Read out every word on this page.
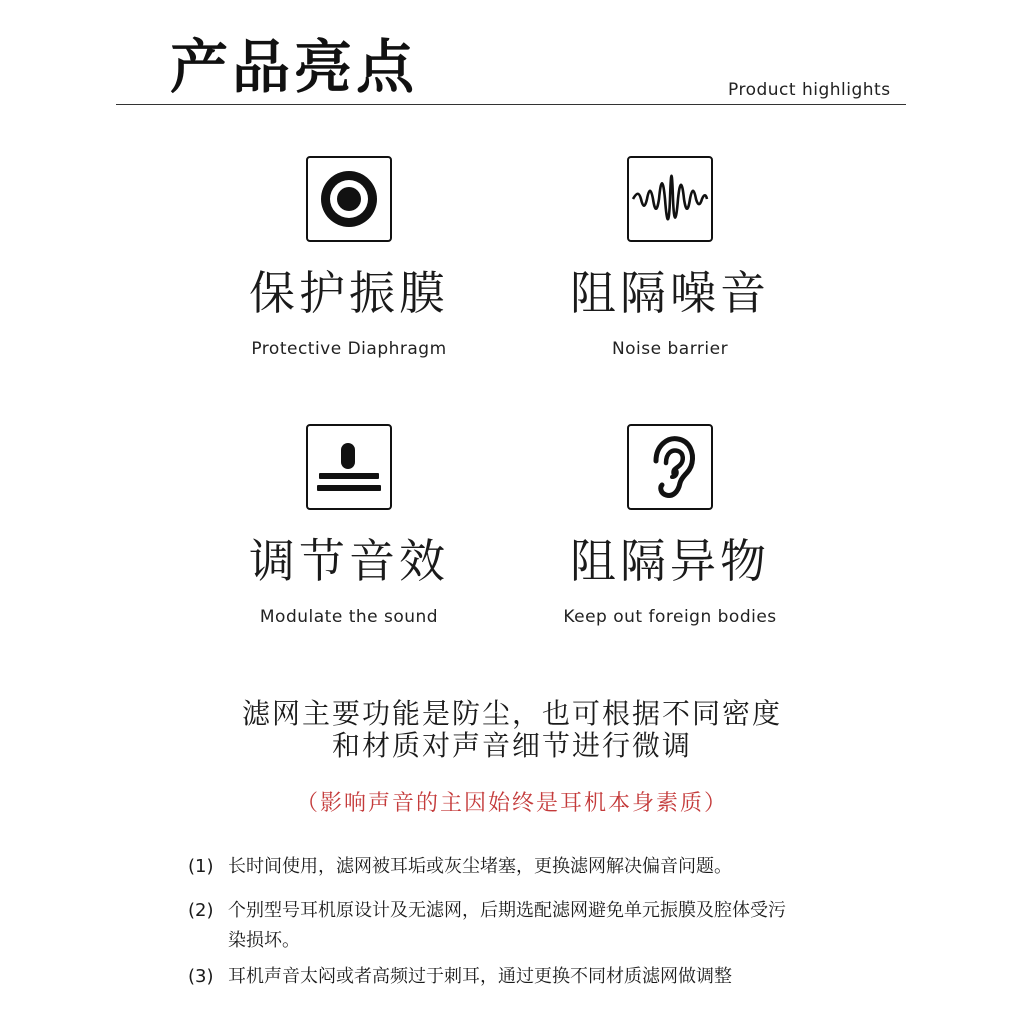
产品亮点	Product highlights
保护振膜
Protective Diaphragm
阻隔噪音
Noise barrier
调节音效
Modulate the sound
阻隔异物
Keep out foreign bodies
滤网主要功能是防尘，也可根据不同密度
和材质对声音细节进行微调
（影响声音的主因始终是耳机本身素质）
(1) 长时间使用，滤网被耳垢或灰尘堵塞，更换滤网解决偏音问题。
(2) 个别型号耳机原设计及无滤网，后期选配滤网避免单元振膜及腔体受污染损坏。
(3) 耳机声音太闷或者高频过于刺耳，通过更换不同材质滤网做调整
